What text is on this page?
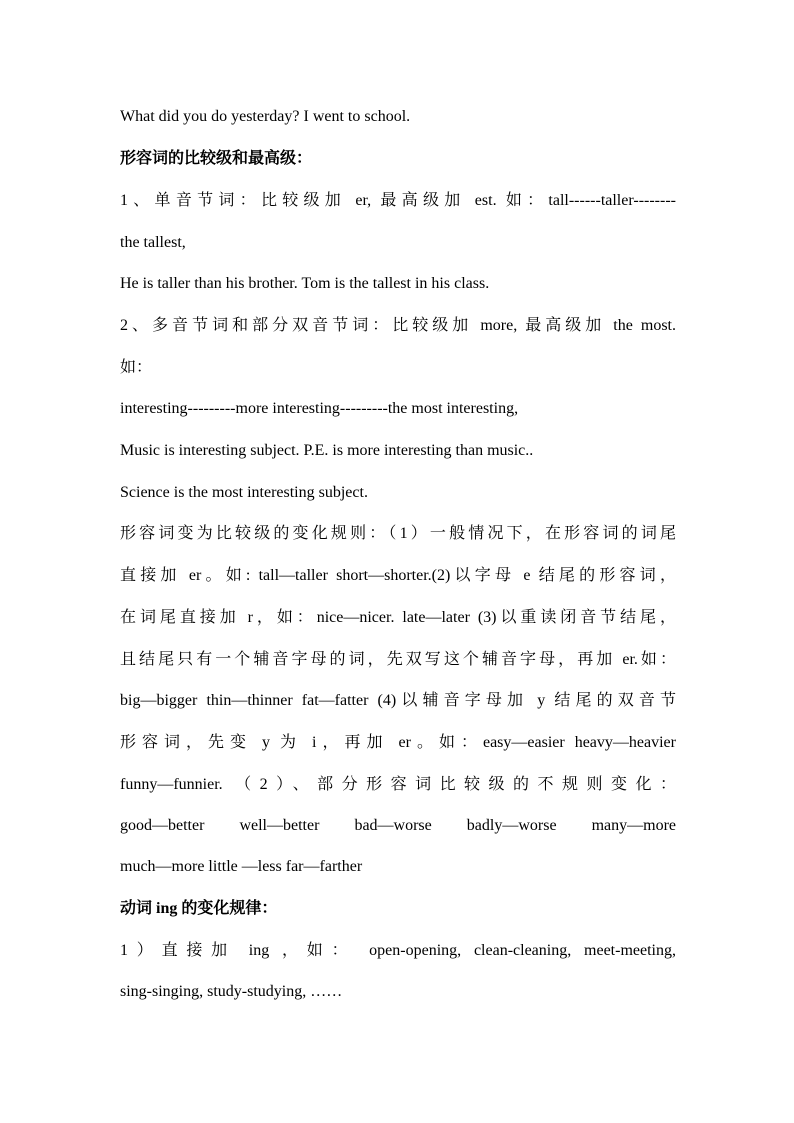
What did you do yesterday? I went to school.
形容词的比较级和最高级：
1、单音节词：比较级加 er, 最高级加 est. 如：tall------taller--------
the tallest,
He is taller than his brother. Tom is the tallest in his class.
2、多音节词和部分双音节词：比较级加 more, 最高级加 the most.
如：
interesting---------more interesting---------the most interesting,
Music is interesting subject. P.E. is more interesting than music..
Science is the most interesting subject.
形容词变为比较级的变化规则：（1）一般情况下，在形容词的词尾
直接加 er。如: tall—taller short—shorter.(2)以字母 e 结尾的形容词，
在词尾直接加 r，如：nice—nicer. late—later (3)以重读闭音节结尾，
且结尾只有一个辅音字母的词，先双写这个辅音字母，再加 er.如：
big—bigger thin—thinner fat—fatter (4)以辅音字母加 y 结尾的双音节
形容词，先变 y 为 i，再加 er。如：easy—easier heavy—heavier
funny—funnier. （2）、部分形容词比较级的不规则变化：
good—better well—better bad—worse badly—worse many—more
much—more little —less far—farther
动词 ing 的变化规律：
1）直接加 ing ，如： open-opening, clean-cleaning, meet-meeting,
sing-singing, study-studying, ……
